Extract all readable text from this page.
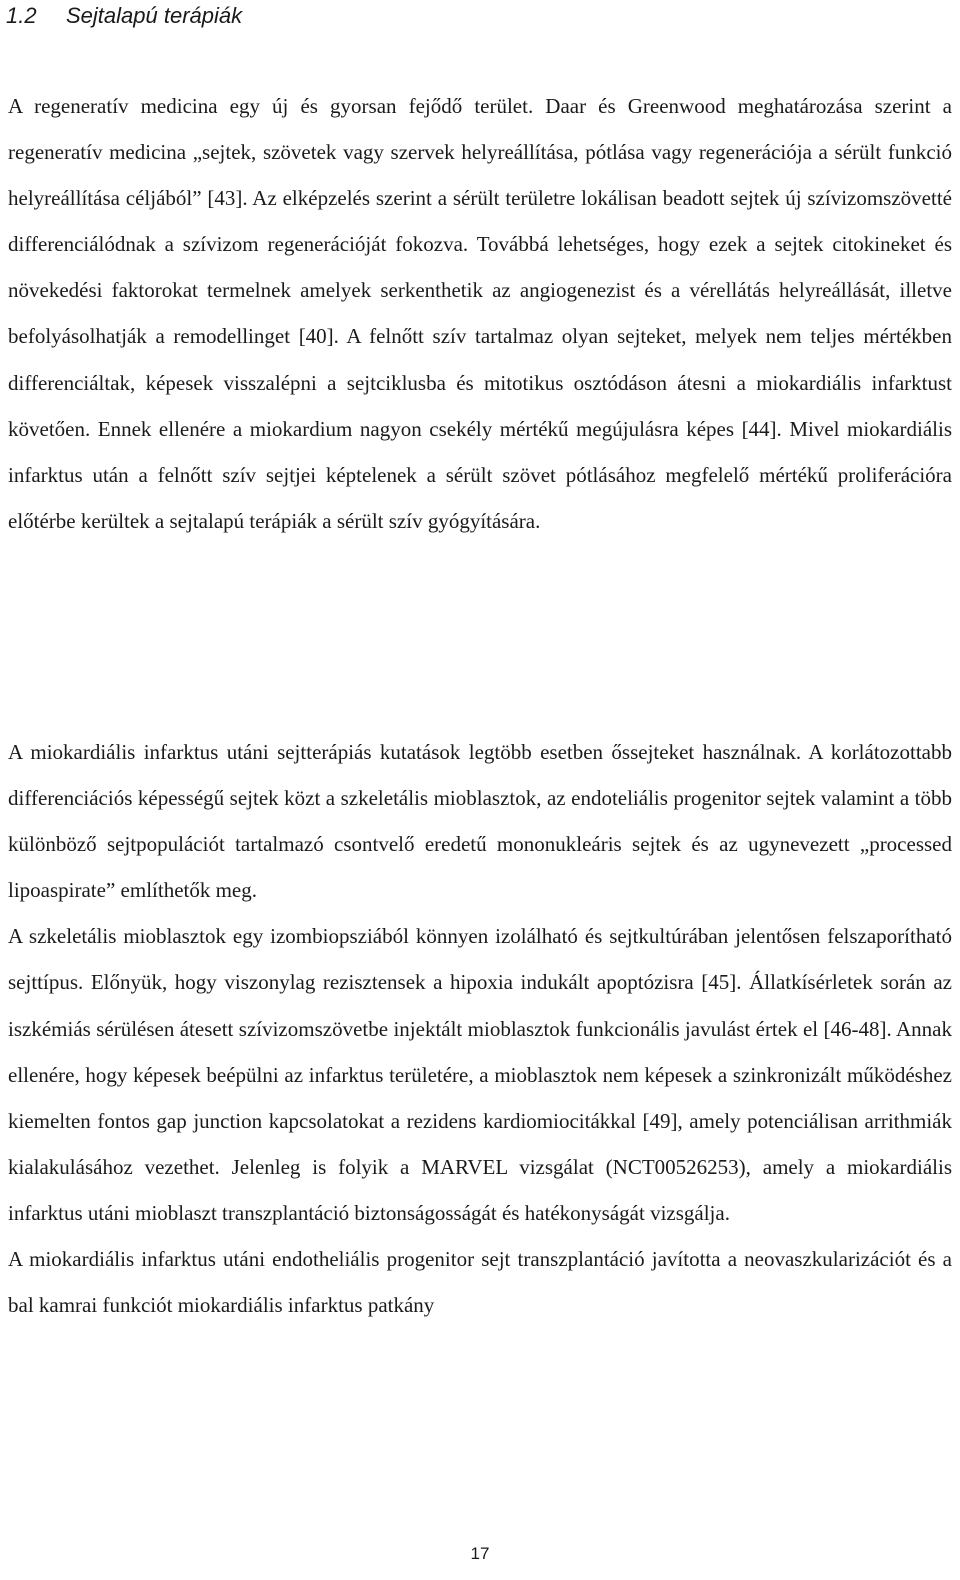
1.2 Sejtalapú terápiák

A regeneratív medicina egy új és gyorsan fejődő terület. Daar és Greenwood meghatározása szerint a regeneratív medicina „sejtek, szövetek vagy szervek helyreállítása, pótlása vagy regenerációja a sérült funkció helyreállítása céljából” [43]. Az elképzelés szerint a sérült területre lokálisan beadott sejtek új szívizomszövetté differenciálódnak a szívizom regenerációját fokozva. Továbbá lehetséges, hogy ezek a sejtek citokineket és növekedési faktorokat termelnek amelyek serkenthetik az angiogenezist és a vérellátás helyreállását, illetve befolyásolhatják a remodellinget [40]. A felnőtt szív tartalmaz olyan sejteket, melyek nem teljes mértékben differenciáltak, képesek visszalépni a sejtciklusba és mitotikus osztódáson átesni a miokardiális infarktust követően. Ennek ellenére a miokardium nagyon csekély mértékű megújulásra képes [44]. Mivel miokardiális infarktus után a felnőtt szív sejtjei képtelenek a sérült szövet pótlásához megfelelő mértékű proliferációra előtérbe kerültek a sejtalapú terápiák a sérült szív gyógyítására.

A miokardiális infarktus utáni sejtterápiás kutatások legtöbb esetben őssejteket használnak. A korlátozottabb differenciációs képességű sejtek közt a szkeletális mioblasztok, az endoteliális progenitor sejtek valamint a több különböző sejtpopulációt tartalmazó csontvelő eredetű mononukleáris sejtek és az ugynevezett „processed lipoaspirate” említhetők meg.
A szkeletális mioblasztok egy izombiopsziából könnyen izolálható és sejtkultúrában jelentősen felszaporítható sejttípus. Előnyük, hogy viszonylag rezisztensek a hipoxia indukált apoptózisra [45]. Állatkísérletek során az iszkémiás sérülésen átesett szívizomszövetbe injektált mioblasztok funkcionális javulást értek el [46-48]. Annak ellenére, hogy képesek beépülni az infarktus területére, a mioblasztok nem képesek a szinkronizált működéshez kiemelten fontos gap junction kapcsolatokat a rezidens kardiomiocitákkal [49], amely potenciálisan arrithmiák kialakulásához vezethet. Jelenleg is folyik a MARVEL vizsgálat (NCT00526253), amely a miokardiális infarktus utáni mioblaszt transzplantáció biztonságosságát és hatékonyságát vizsgálja.
A miokardiális infarktus utáni endotheliális progenitor sejt transzplantáció javította a neovaszkularizációt és a bal kamrai funkciót miokardiális infarktus patkány
17
